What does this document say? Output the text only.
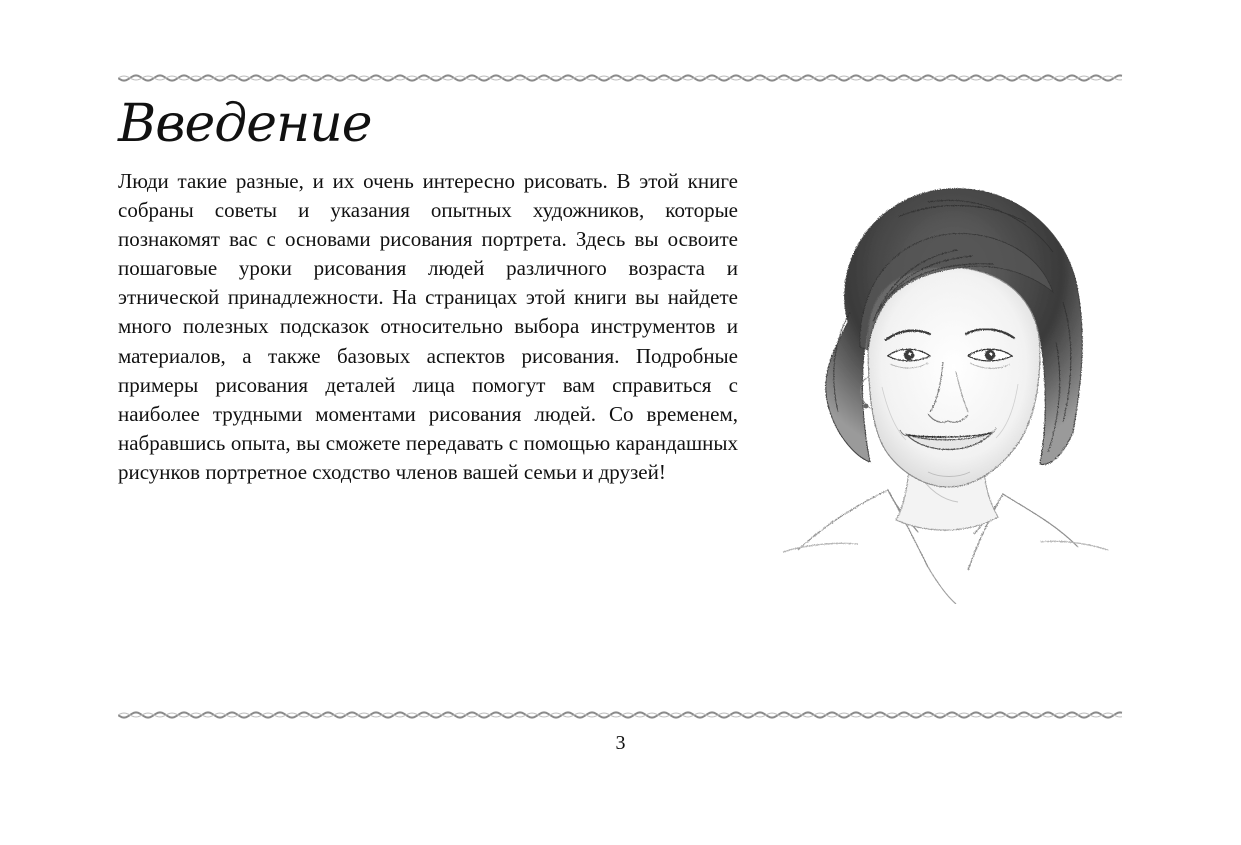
Введение

Люди такие разные, и их очень интересно рисовать. В этой книге собраны советы и указания опытных художников, которые познакомят вас с основами рисования портрета. Здесь вы освоите пошаговые уроки рисования людей различного возраста и этнической принадлежности. На страницах этой книги вы найдете много полезных подсказок относительно выбора инструментов и материалов, а также базовых аспектов рисования. Подробные примеры рисования деталей лица помогут вам справиться с наиболее трудными моментами рисования людей. Со временем, набравшись опыта, вы сможете передавать с помощью карандашных рисунков портретное сходство членов вашей семьи и друзей!

3
